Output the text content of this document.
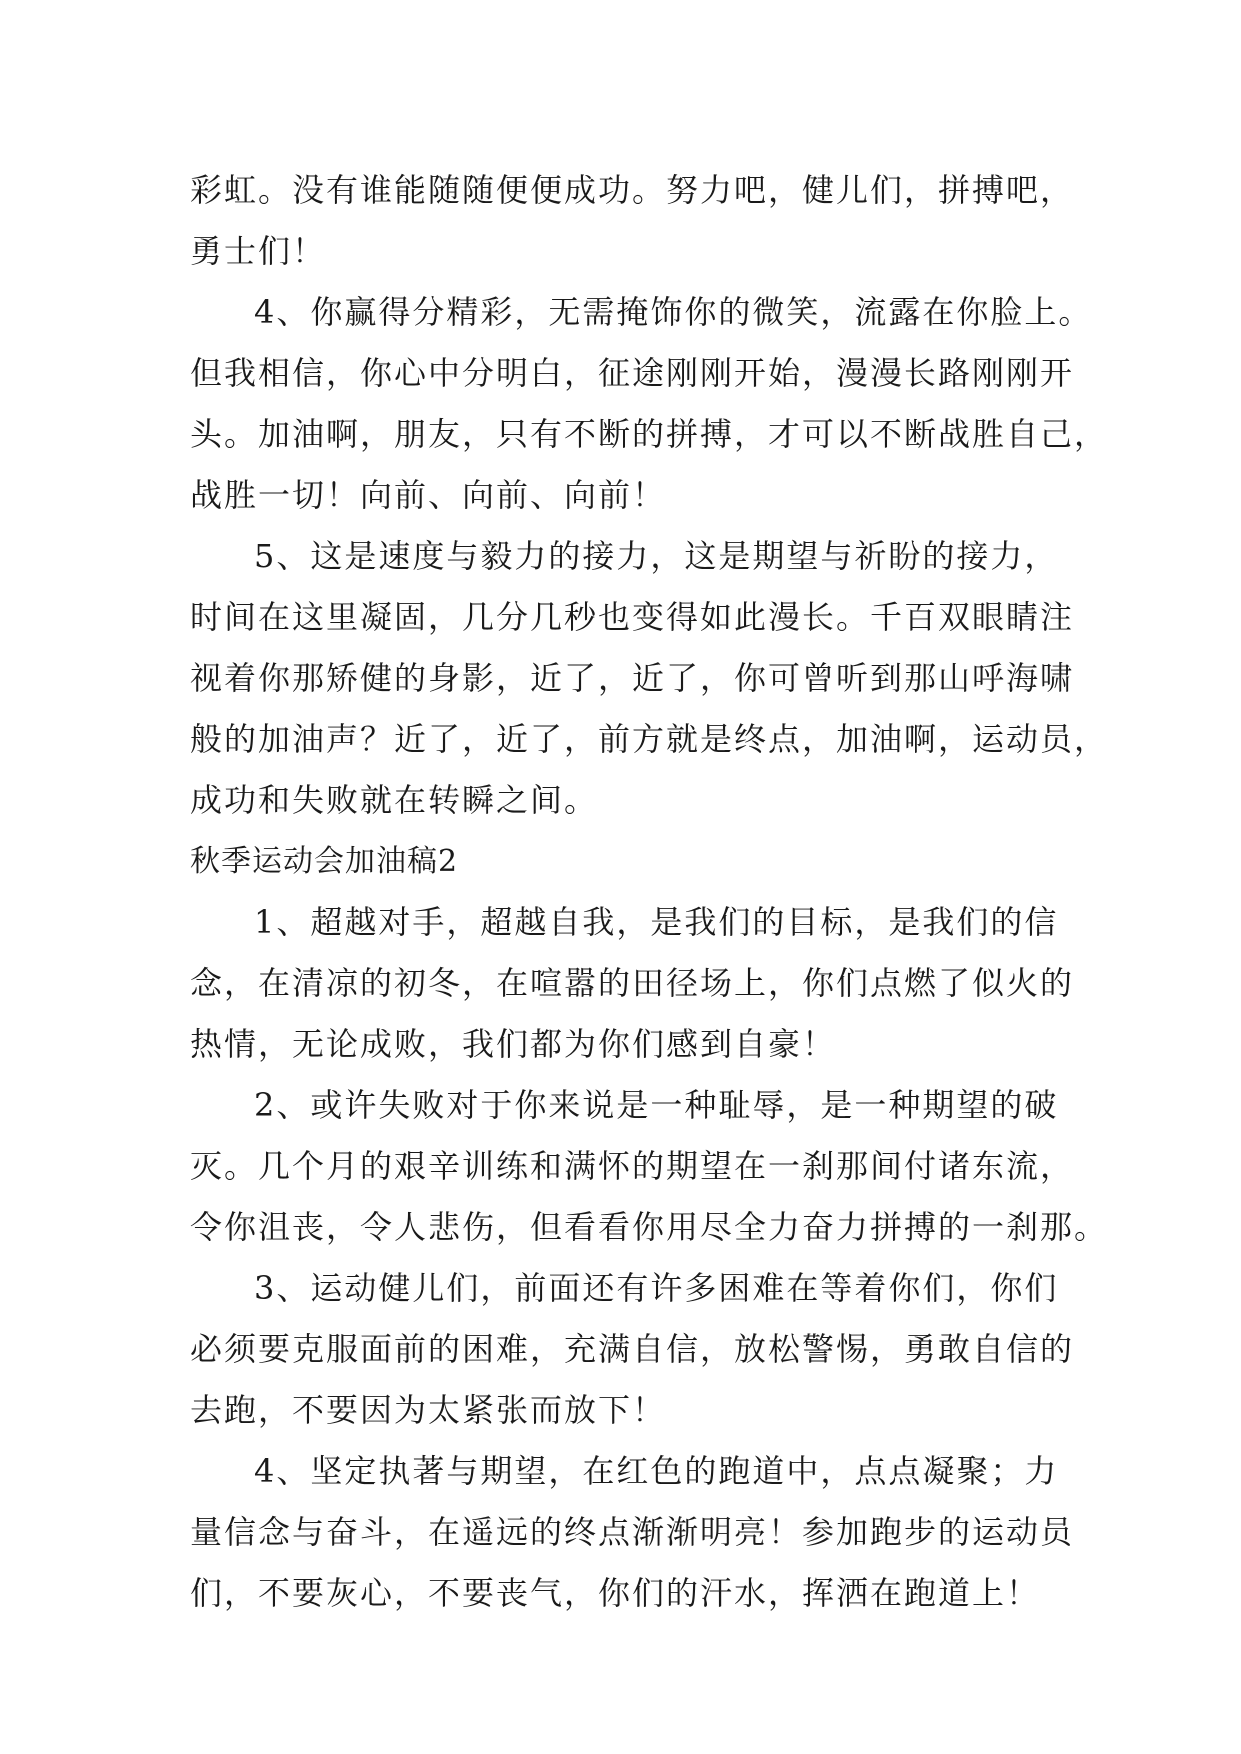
彩虹。没有谁能随随便便成功。努力吧，健儿们，拼搏吧，
勇士们！
4、你赢得分精彩，无需掩饰你的微笑，流露在你脸上。
但我相信，你心中分明白，征途刚刚开始，漫漫长路刚刚开
头。加油啊，朋友，只有不断的拼搏，才可以不断战胜自己，
战胜一切！向前、向前、向前！
5、这是速度与毅力的接力，这是期望与祈盼的接力，
时间在这里凝固，几分几秒也变得如此漫长。千百双眼睛注
视着你那矫健的身影，近了，近了，你可曾听到那山呼海啸
般的加油声？近了，近了，前方就是终点，加油啊，运动员，
成功和失败就在转瞬之间。
秋季运动会加油稿2
1、超越对手，超越自我，是我们的目标，是我们的信
念，在清凉的初冬，在喧嚣的田径场上，你们点燃了似火的
热情，无论成败，我们都为你们感到自豪！
2、或许失败对于你来说是一种耻辱，是一种期望的破
灭。几个月的艰辛训练和满怀的期望在一刹那间付诸东流，
令你沮丧，令人悲伤，但看看你用尽全力奋力拼搏的一刹那。
3、运动健儿们，前面还有许多困难在等着你们，你们
必须要克服面前的困难，充满自信，放松警惕，勇敢自信的
去跑，不要因为太紧张而放下！
4、坚定执著与期望，在红色的跑道中，点点凝聚；力
量信念与奋斗，在遥远的终点渐渐明亮！参加跑步的运动员
们，不要灰心，不要丧气，你们的汗水，挥洒在跑道上！
